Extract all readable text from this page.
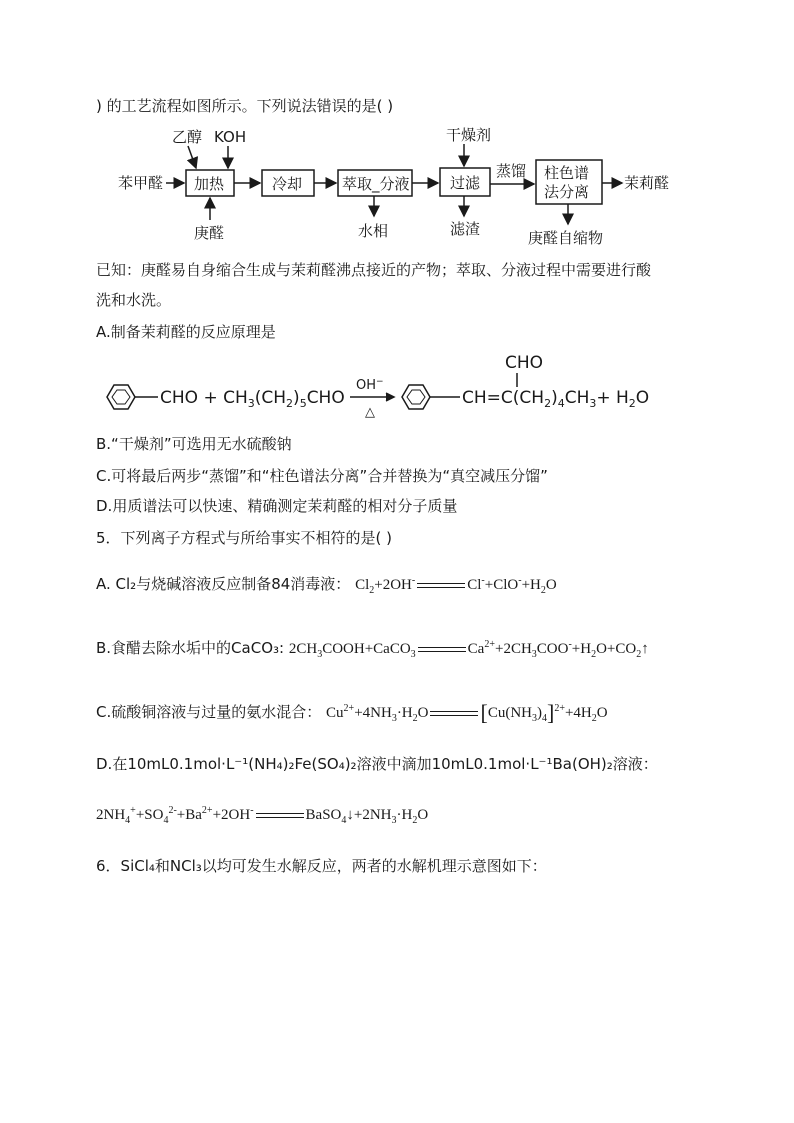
) 的工艺流程如图所示。下列说法错误的是( )
苯甲醛 加热
乙醇 KOH
庚醛
冷却	萃取_分液
水相
过滤
干燥剂
滤渣
蒸馏 柱色谱
法分离 茉莉醛
庚醛自缩物
已知：庚醛易自身缩合生成与茉莉醛沸点接近的产物；萃取、分液过程中需要进行酸
洗和水洗。
A.制备茉莉醛的反应原理是
CHO
CHO + $CH_3(CH_2)_5CHO$
OH−
△
$CH=C(CH_2)_4CH_3+ H_2O$
B.“干燥剂”可选用无水硫酸钠
C.可将最后两步“蒸馏”和“柱色谱法分离”合并替换为“真空减压分馏”
D.用质谱法可以快速、精确测定茉莉醛的相对分子质量
5．下列离子方程式与所给事实不相符的是( )
A. Cl₂与烧碱溶液反应制备84消毒液： $Cl_2+2OH^-$	$Cl^-+ClO^-+H_2O$
B.食醋去除水垢中的CaCO₃: $2CH_3COOH+CaCO_3$	$Ca^{2+}+2CH_3COO^-+H_2O+CO_2↑$
C.硫酸铜溶液与过量的氨水混合： $Cu^{2+}+4NH_3\cdot H_2O$ $[Cu(NH_3)_4]^{2+}+4H_2O$
D.在10mL0.1mol·L⁻¹(NH₄)₂Fe(SO₄)₂溶液中滴加10mL0.1mol·L⁻¹Ba(OH)₂溶液：
$2NH_4^++SO_4^{2-}+Ba^{2+}+2OH^-$	$BaSO_4↓+2NH_3\cdot H_2O$
6．SiCl₄和NCl₃以均可发生水解反应，两者的水解机理示意图如下：
